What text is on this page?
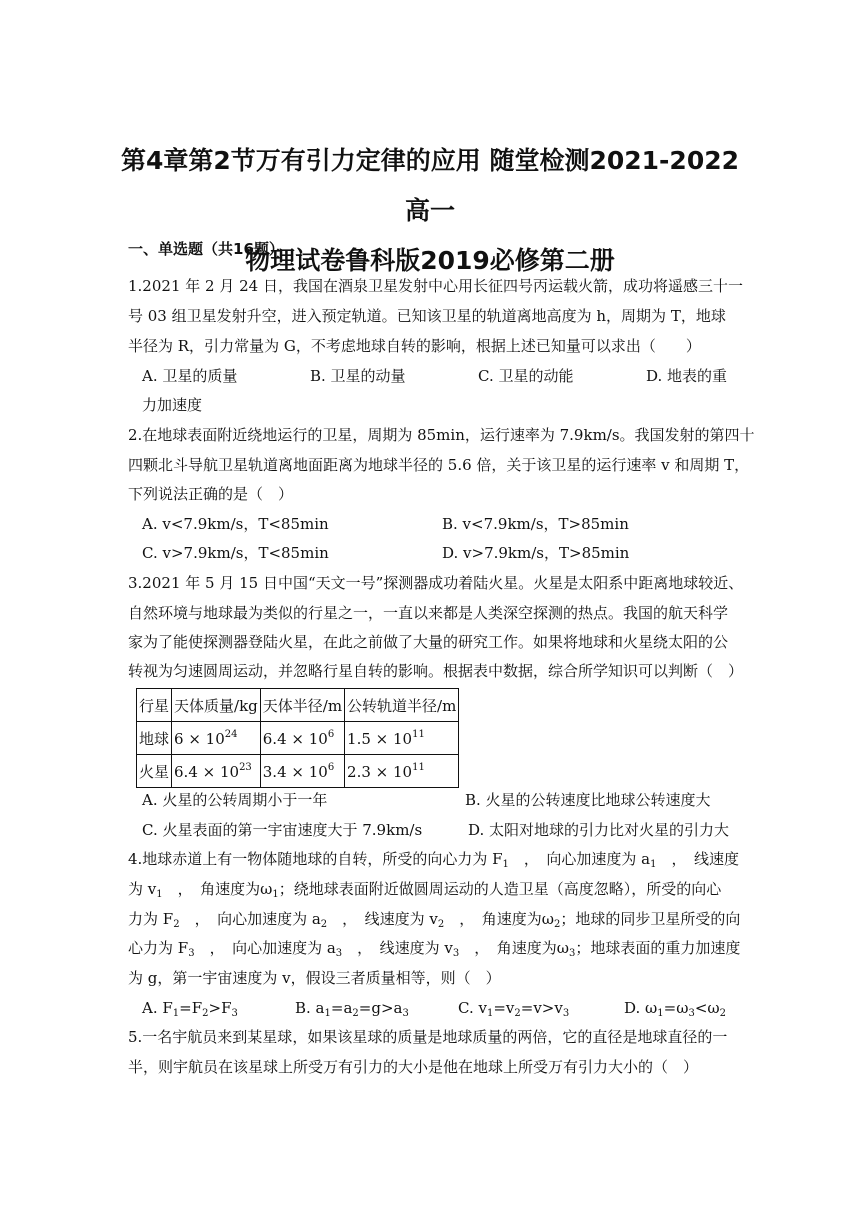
第4章第2节万有引力定律的应用 随堂检测2021-2022高一
物理试卷鲁科版2019必修第二册
一、单选题（共16题）
1.2021 年 2 月 24 日，我国在酒泉卫星发射中心用长征四号丙运载火箭，成功将遥感三十一
号 03 组卫星发射升空，进入预定轨道。已知该卫星的轨道离地高度为 h，周期为 T，地球
半径为 R，引力常量为 G，不考虑地球自转的影响，根据上述已知量可以求出（　　）
A. 卫星的质量	B. 卫星的动量	C. 卫星的动能	D. 地表的重
力加速度
2.在地球表面附近绕地运行的卫星，周期为 85min，运行速率为 7.9km/s。我国发射的第四十
四颗北斗导航卫星轨道离地面距离为地球半径的 5.6 倍，关于该卫星的运行速率 v 和周期 T，
下列说法正确的是（　）
A. v<7.9km/s，T<85min	B. v<7.9km/s，T>85min
C. v>7.9km/s，T<85min	D. v>7.9km/s，T>85min
3.2021 年 5 月 15 日中国“天文一号”探测器成功着陆火星。火星是太阳系中距离地球较近、
自然环境与地球最为类似的行星之一，一直以来都是人类深空探测的热点。我国的航天科学
家为了能使探测器登陆火星，在此之前做了大量的研究工作。如果将地球和火星绕太阳的公
转视为匀速圆周运动，并忽略行星自转的影响。根据表中数据，综合所学知识可以判断（　）
行星	天体质量/kg	天体半径/m	公转轨道半径/m
地球	$6 \times 10^{24}$	$6.4 \times 10^6$	$1.5 \times 10^{11}$
火星	$6.4 \times 10^{23}$	$3.4 \times 10^6$	$2.3 \times 10^{11}$
A. 火星的公转周期小于一年	B. 火星的公转速度比地球公转速度大
C. 火星表面的第一宇宙速度大于 7.9km/s	D. 太阳对地球的引力比对火星的引力大
4.地球赤道上有一物体随地球的自转，所受的向心力为 $F_1$　，　向心加速度为 $a_1$　，　线速度
为 $v_1$　，　角速度为$\omega_1$；绕地球表面附近做圆周运动的人造卫星（高度忽略），所受的向心
力为 $F_2$　，　向心加速度为 $a_2$　，　线速度为 $v_2$　，　角速度为$\omega_2$；地球的同步卫星所受的向
心力为 $F_3$　，　向心加速度为 $a_3$　，　线速度为 $v_3$　，　角速度为$\omega_3$；地球表面的重力加速度
为 g，第一宇宙速度为 v，假设三者质量相等，则（　）
A. $F_1=F_2>F_3$	B. $a_1=a_2=g>a_3$	C. $v_1=v_2=v>v_3$	D. $\omega_1=\omega_3<\omega_2$
5.一名宇航员来到某星球，如果该星球的质量是地球质量的两倍，它的直径是地球直径的一
半，则宇航员在该星球上所受万有引力的大小是他在地球上所受万有引力大小的（　）
